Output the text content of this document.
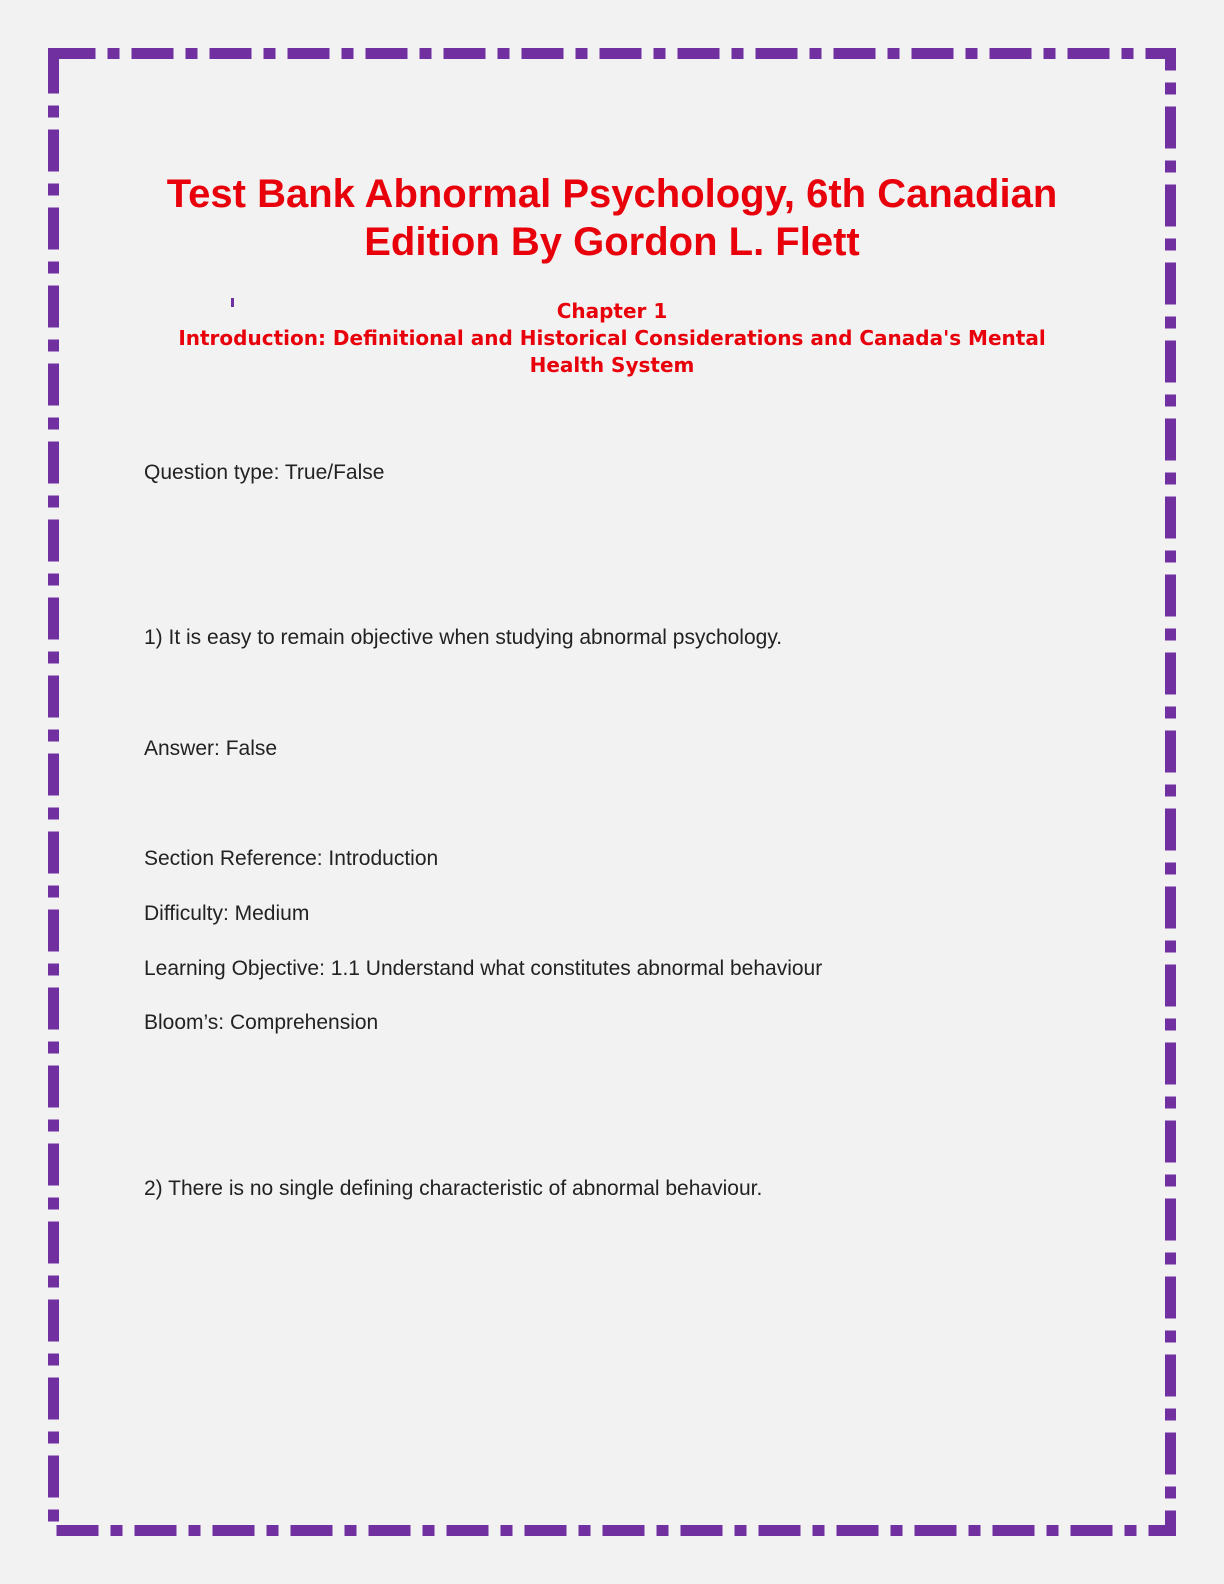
Test Bank Abnormal Psychology, 6th Canadian Edition By Gordon L. Flett
Chapter 1
Introduction: Definitional and Historical Considerations and Canada's Mental Health System

Question type: True/False

1) It is easy to remain objective when studying abnormal psychology.

Answer: False

Section Reference: Introduction

Difficulty: Medium

Learning Objective: 1.1 Understand what constitutes abnormal behaviour

Bloom’s: Comprehension

2) There is no single defining characteristic of abnormal behaviour.
